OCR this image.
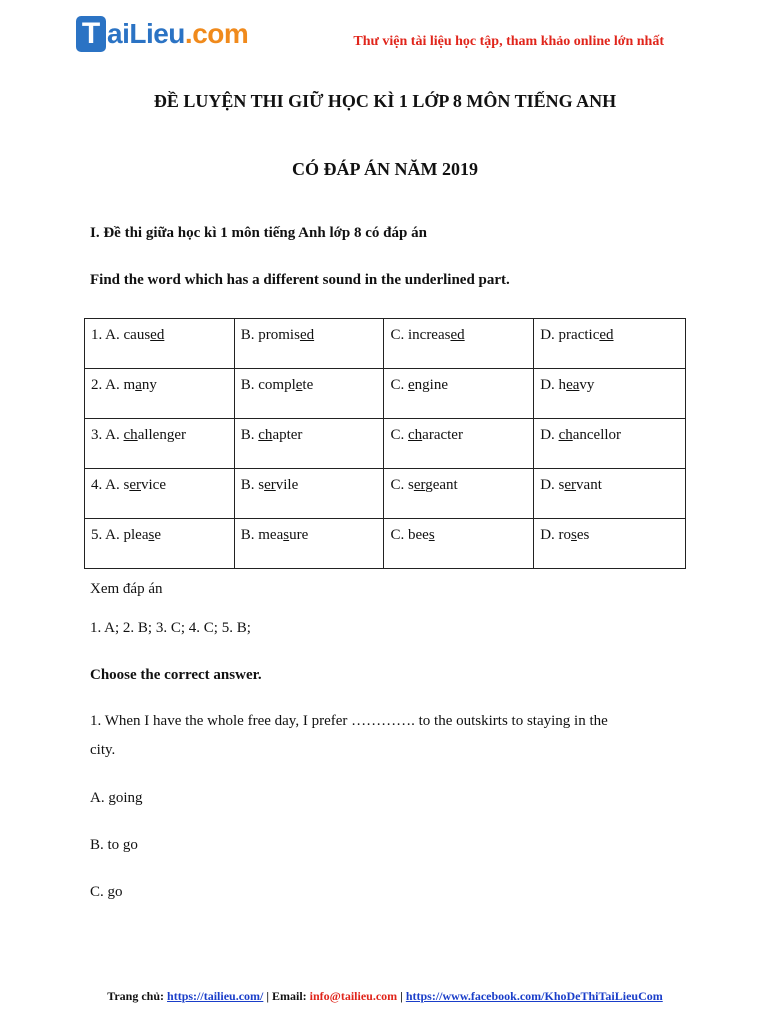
T aiLieu.com	Thư viện tài liệu học tập, tham khảo online lớn nhất
ĐỀ LUYỆN THI GIỮ HỌC KÌ 1 LỚP 8 MÔN TIẾNG ANH
CÓ ĐÁP ÁN NĂM 2019
I. Đề thi giữa học kì 1 môn tiếng Anh lớp 8 có đáp án
Find the word which has a different sound in the underlined part.
1. A. caused	B. promised	C. increased	D. practiced
2. A. many	B. complete	C. engine	D. heavy
3. A. challenger	B. chapter	C. character	D. chancellor
4. A. service	B. servile	C. sergeant	D. servant
5. A. please	B. measure	C. bees	D. roses
Xem đáp án
1. A; 2. B; 3. C; 4. C; 5. B;
Choose the correct answer.
1. When I have the whole free day, I prefer …………. to the outskirts to staying in the
city.
A. going
B. to go
C. go
Trang chủ: https://tailieu.com/ | Email: info@tailieu.com | https://www.facebook.com/KhoDeThiTaiLieuCom
